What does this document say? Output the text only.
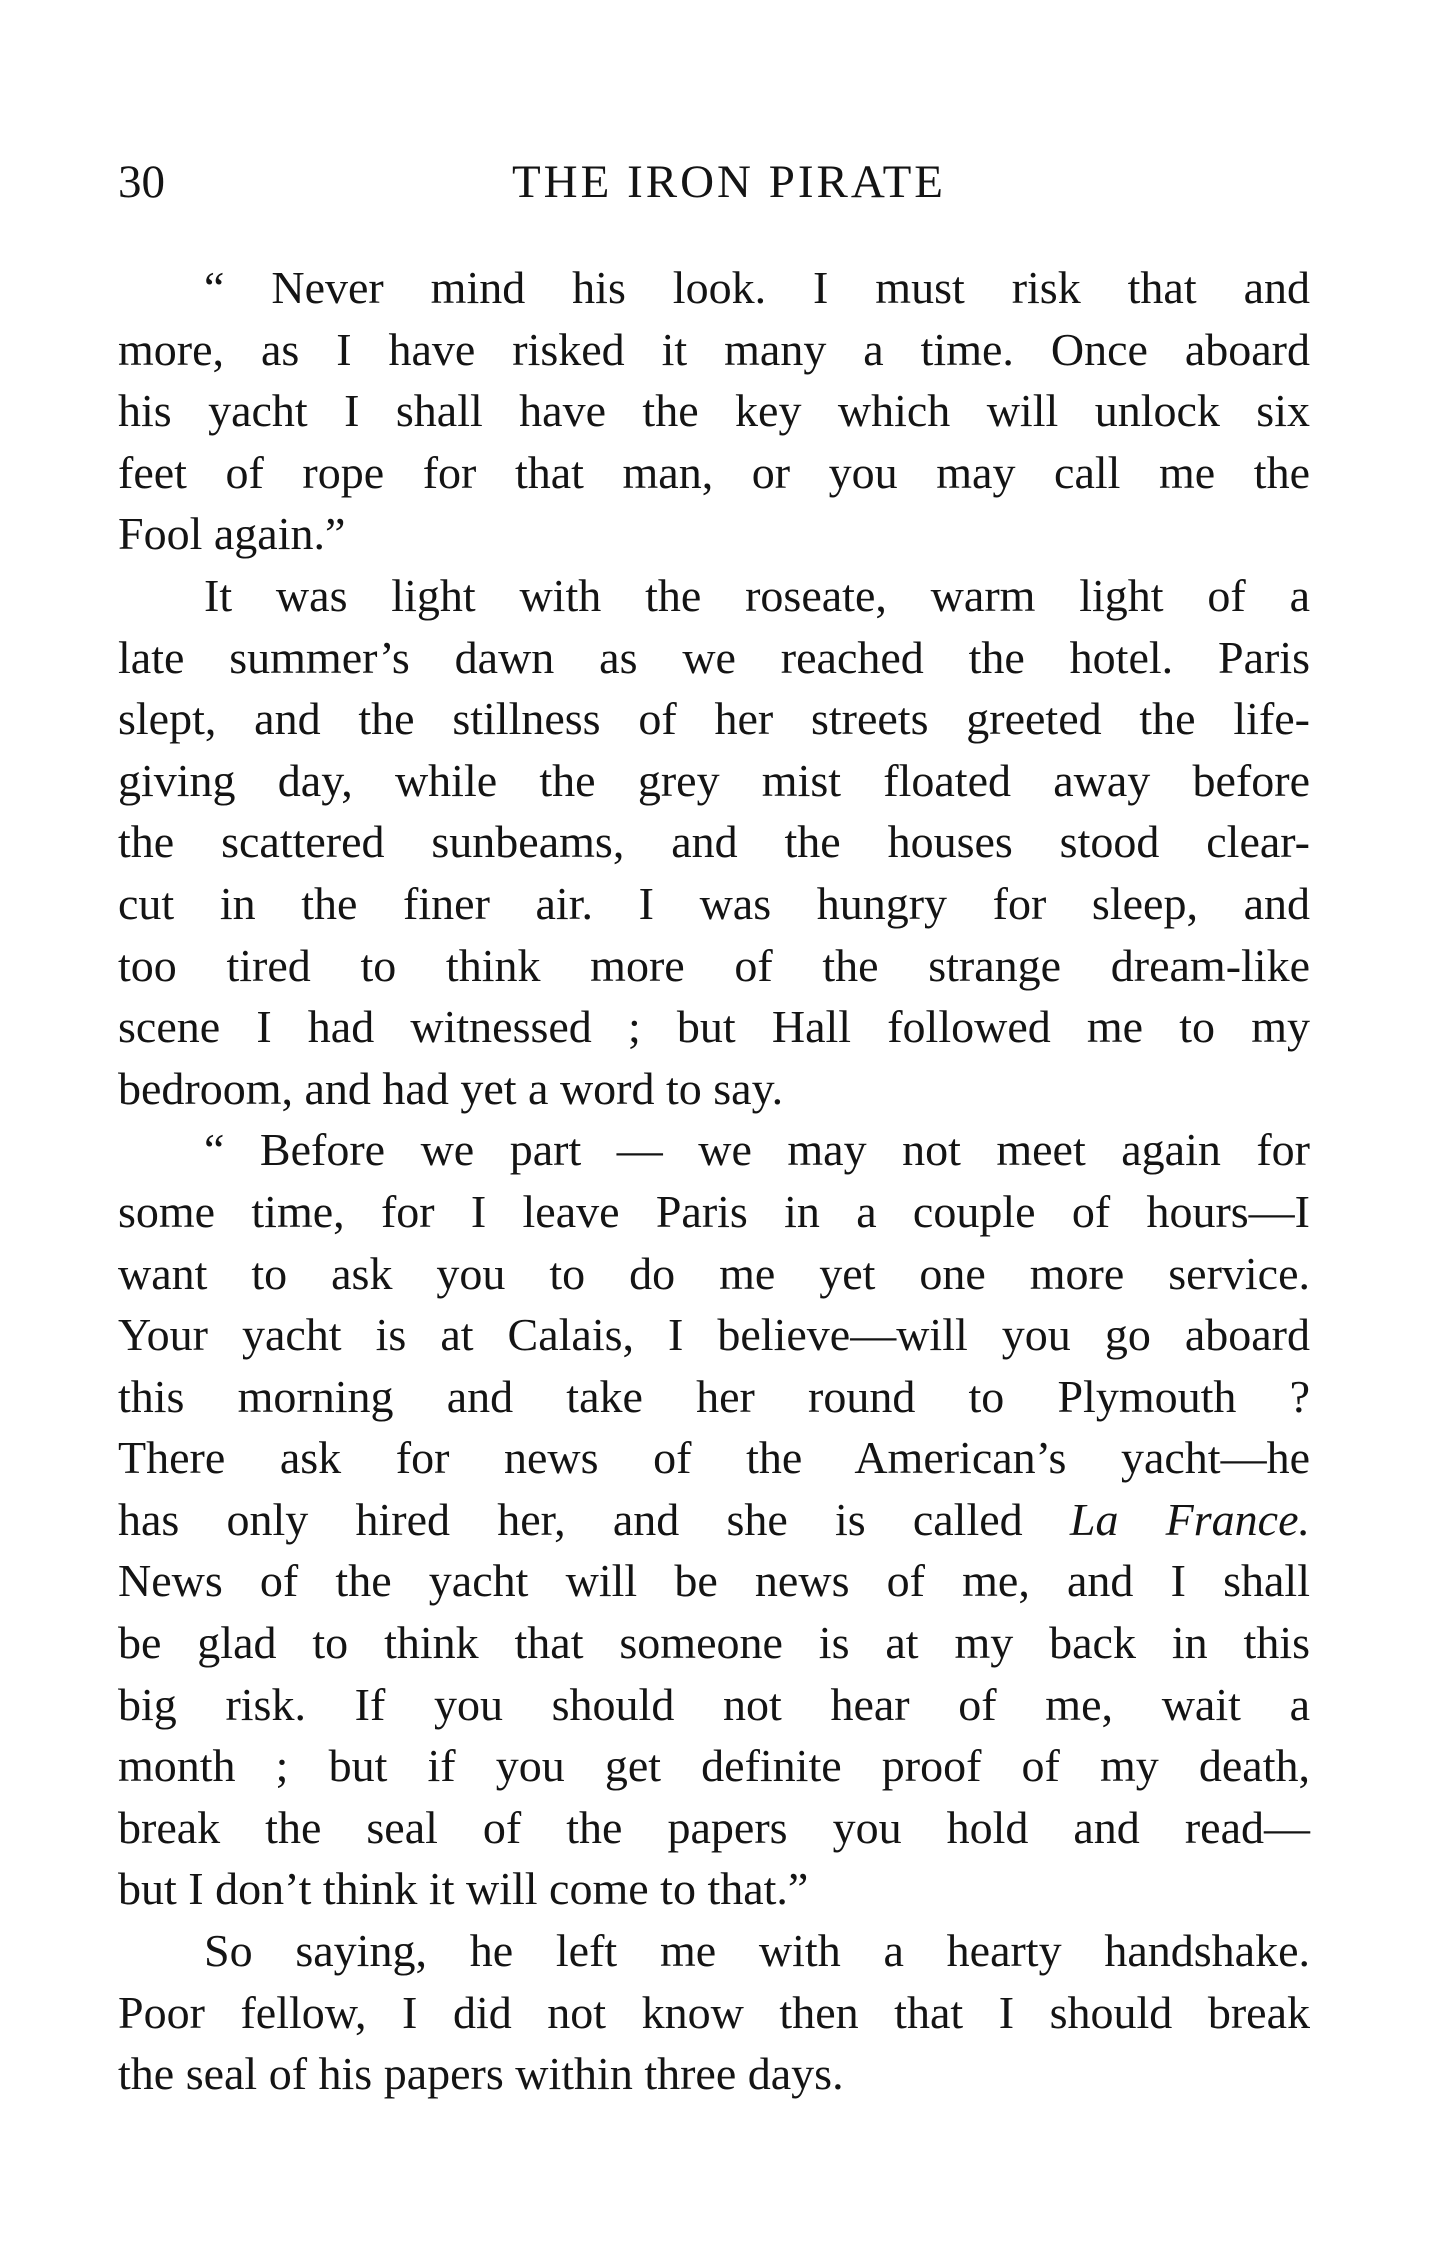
30	THE IRON PIRATE
“ Never mind his look. I must risk that and
more, as I have risked it many a time. Once aboard
his yacht I shall have the key which will unlock six
feet of rope for that man, or you may call me the
Fool again.”
It was light with the roseate, warm light of a
late summer’s dawn as we reached the hotel. Paris
slept, and the stillness of her streets greeted the life-
giving day, while the grey mist floated away before
the scattered sunbeams, and the houses stood clear-
cut in the finer air. I was hungry for sleep, and
too tired to think more of the strange dream-like
scene I had witnessed ; but Hall followed me to my
bedroom, and had yet a word to say.
“ Before we part — we may not meet again for
some time, for I leave Paris in a couple of hours—I
want to ask you to do me yet one more service.
Your yacht is at Calais, I believe—will you go aboard
this morning and take her round to Plymouth ?
There ask for news of the American’s yacht—he
has only hired her, and she is called La France.
News of the yacht will be news of me, and I shall
be glad to think that someone is at my back in this
big risk. If you should not hear of me, wait a
month ; but if you get definite proof of my death,
break the seal of the papers you hold and read—
but I don’t think it will come to that.”
So saying, he left me with a hearty handshake.
Poor fellow, I did not know then that I should break
the seal of his papers within three days.
